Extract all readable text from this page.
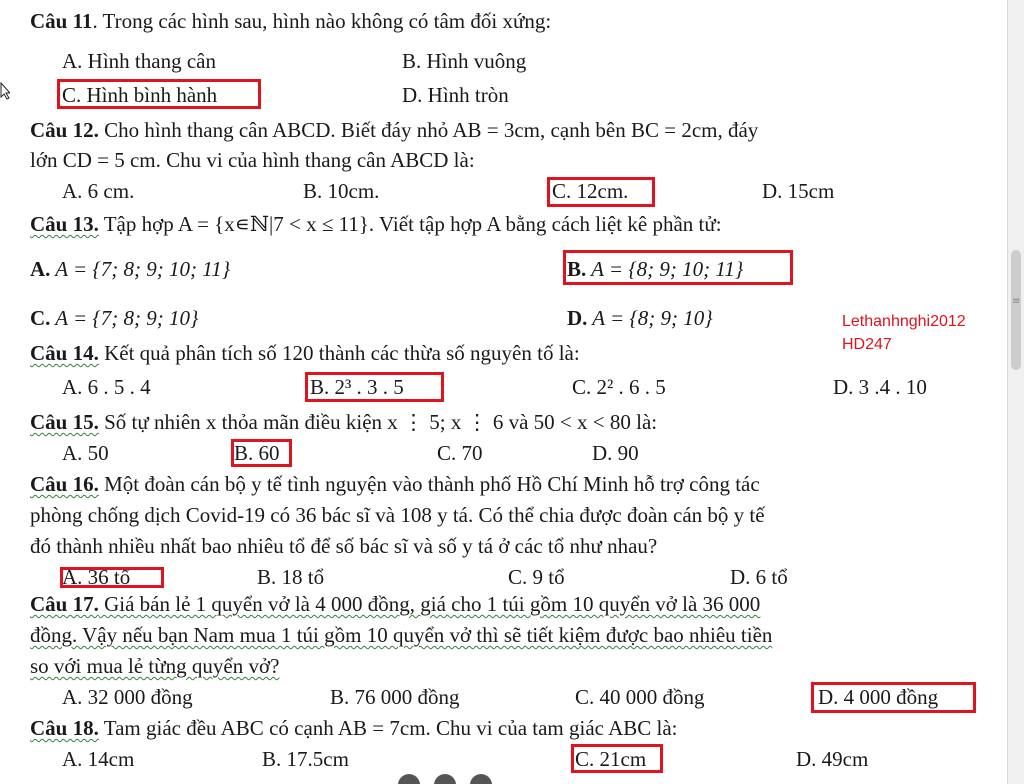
Câu 11. Trong các hình sau, hình nào không có tâm đối xứng:
A. Hình thang cân	B. Hình vuông
C. Hình bình hành	D. Hình tròn
Câu 12. Cho hình thang cân ABCD. Biết đáy nhỏ AB = 3cm, cạnh bên BC = 2cm, đáy
lớn CD = 5 cm. Chu vi của hình thang cân ABCD là:
A. 6 cm.	B. 10cm.	C. 12cm.	D. 15cm
Câu 13. Tập hợp A = {x∊ℕ|7 < x ≤ 11}. Viết tập hợp A bằng cách liệt kê phần tử:
A. A = {7; 8; 9; 10; 11}	B. A = {8; 9; 10; 11}
C. A = {7; 8; 9; 10}	D. A = {8; 9; 10}	Lethanhnghi2012
HD247
Câu 14. Kết quả phân tích số 120 thành các thừa số nguyên tố là:
A. 6 . 5 . 4	B. 2³ . 3 . 5	C. 2² . 6 . 5	D. 3 .4 . 10
Câu 15. Số tự nhiên x thỏa mãn điều kiện x ⋮ 5; x ⋮ 6 và 50 < x < 80 là:
A. 50	B. 60	C. 70	D. 90
Câu 16. Một đoàn cán bộ y tế tình nguyện vào thành phố Hồ Chí Minh hỗ trợ công tác
phòng chống dịch Covid-19 có 36 bác sĩ và 108 y tá. Có thể chia được đoàn cán bộ y tế
đó thành nhiều nhất bao nhiêu tổ để số bác sĩ và số y tá ở các tổ như nhau?
A. 36 tổ	B. 18 tổ	C. 9 tổ	D. 6 tổ
Câu 17. Giá bán lẻ 1 quyển vở là 4 000 đồng, giá cho 1 túi gồm 10 quyển vở là 36 000
đồng. Vậy nếu bạn Nam mua 1 túi gồm 10 quyển vở thì sẽ tiết kiệm được bao nhiêu tiền
so với mua lẻ từng quyển vở?
A. 32 000 đồng	B. 76 000 đồng	C. 40 000 đồng	D. 4 000 đồng
Câu 18. Tam giác đều ABC có cạnh AB = 7cm. Chu vi của tam giác ABC là:
A. 14cm	B. 17.5cm	C. 21cm	D. 49cm
≡
